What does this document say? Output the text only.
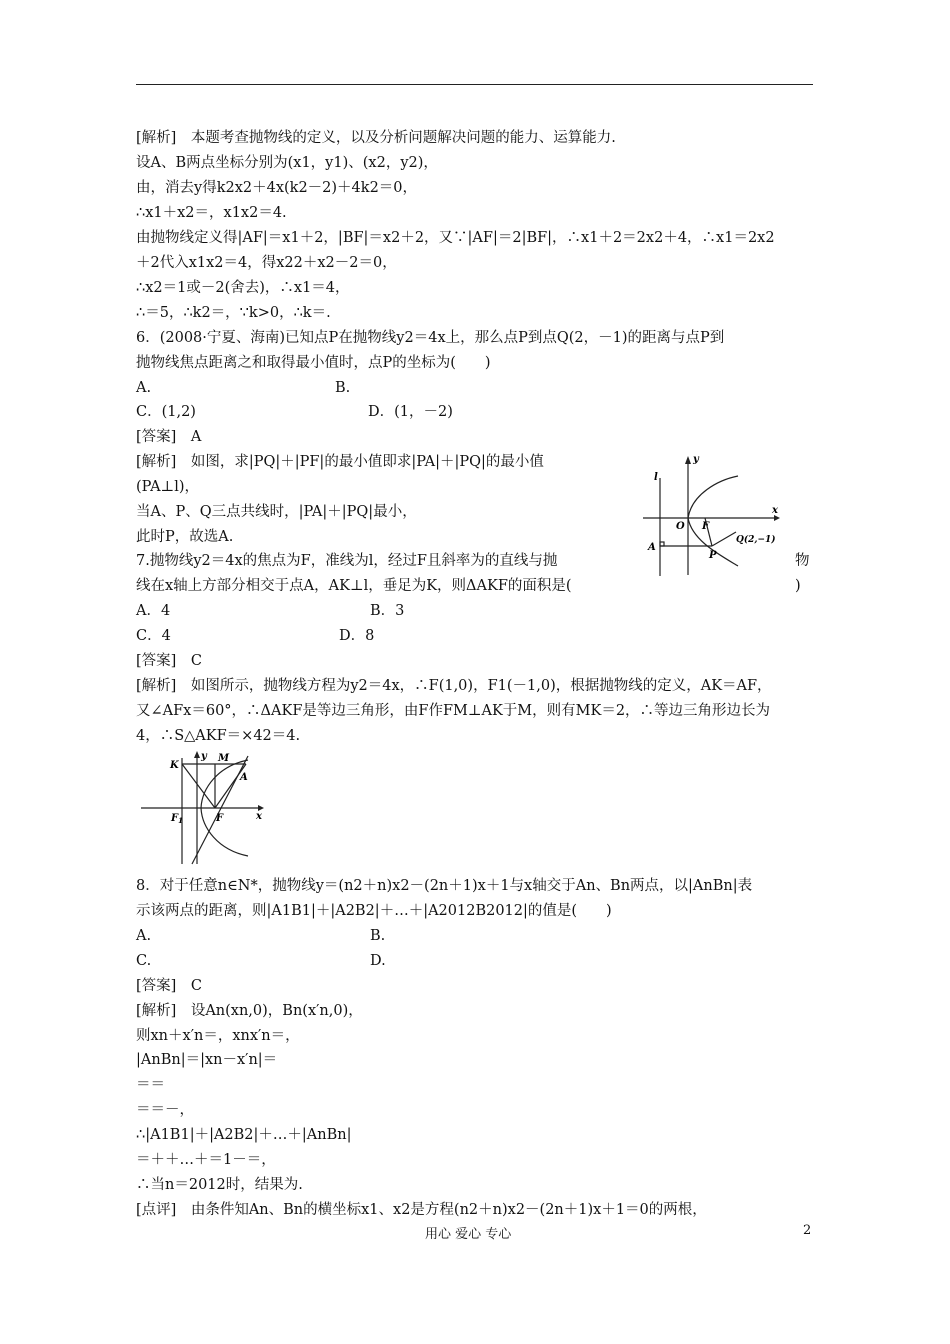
[解析]　本题考查抛物线的定义，以及分析问题解决问题的能力、运算能力.
设A、B两点坐标分别为(x1，y1)、(x2，y2)，
由，消去y得k2x2＋4x(k2－2)＋4k2＝0，
∴x1＋x2＝，x1x2＝4.
由抛物线定义得|AF|＝x1＋2，|BF|＝x2＋2，又∵|AF|＝2|BF|，∴x1＋2＝2x2＋4，∴x1＝2x2
＋2代入x1x2＝4，得x22＋x2－2＝0，
∴x2＝1或－2(舍去)，∴x1＝4，
∴＝5，∴k2＝，∵k>0，∴k＝.
6．(2008·宁夏、海南)已知点P在抛物线y2＝4x上，那么点P到点Q(2，－1)的距离与点P到
抛物线焦点距离之和取得最小值时，点P的坐标为(　　)
A.	B.
C．(1,2)	D．(1，－2)
[答案]　A
[解析]　如图，求|PQ|＋|PF|的最小值即求|PA|＋|PQ|的最小值
(PA⊥l)，
当A、P、Q三点共线时，|PA|＋|PQ|最小，
此时P，故选A.
7.抛物线y2＝4x的焦点为F，准线为l，经过F且斜率为的直线与抛	物
线在x轴上方部分相交于点A，AK⊥l，垂足为K，则ΔAKF的面积是(	)
A．4	B．3
C．4	D．8
[答案]　C
[解析]　如图所示，抛物线方程为y2＝4x，∴F(1,0)，F1(－1,0)，根据抛物线的定义，AK＝AF，
又∠AFx＝60°，∴ΔAKF是等边三角形，由F作FM⊥AK于M，则有MK＝2，∴等边三角形边长为
4，∴S△AKF＝×42＝4.
8．对于任意n∈N*，抛物线y＝(n2＋n)x2－(2n＋1)x＋1与x轴交于An、Bn两点，以|AnBn|表
示该两点的距离，则|A1B1|＋|A2B2|＋…＋|A2012B2012|的值是(　　)
A.	B.
C.	D.
[答案]　C
[解析]　设An(xn,0)，Bn(x′n,0)，
则xn＋x′n＝，xnx′n＝，
|AnBn|＝|xn－x′n|＝
＝＝
＝＝－，
∴|A1B1|＋|A2B2|＋…＋|AnBn|
＝＋＋…＋＝1－＝，
∴当n＝2012时，结果为.
[点评]　由条件知An、Bn的横坐标x1、x2是方程(n2＋n)x2－(2n＋1)x＋1＝0的两根，
y
l
x
O F
A
P
Q(2,−1)
K
y M
A
$F_1$	F	x
用心 爱心 专心	2
